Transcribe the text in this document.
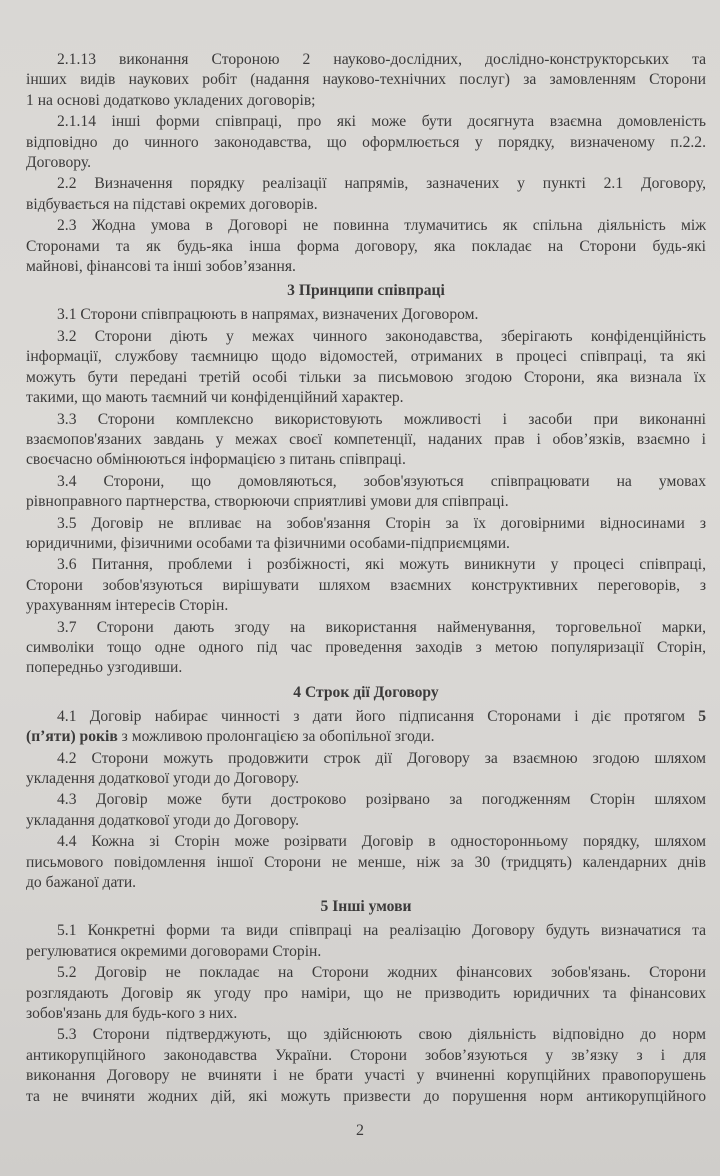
2.1.13 виконання Стороною 2 науково-дослідних, дослідно-конструкторських та
інших видів наукових робіт (надання науково-технічних послуг) за замовленням Сторони
1 на основі додатково укладених договорів;
2.1.14 інші форми співпраці, про які може бути досягнута взаємна домовленість
відповідно до чинного законодавства, що оформлюється у порядку, визначеному п.2.2.
Договору.
2.2 Визначення порядку реалізації напрямів, зазначених у пункті 2.1 Договору,
відбувається на підставі окремих договорів.
2.3 Жодна умова в Договорі не повинна тлумачитись як спільна діяльність між
Сторонами та як будь-яка інша форма договору, яка покладає на Сторони будь-які
майнові, фінансові та інші зобов’язання.
3 Принципи співпраці
3.1 Сторони співпрацюють в напрямах, визначених Договором.
3.2 Сторони діють у межах чинного законодавства, зберігають конфіденційність
інформації, службову таємницю щодо відомостей, отриманих в процесі співпраці, та які
можуть бути передані третій особі тільки за письмовою згодою Сторони, яка визнала їх
такими, що мають таємний чи конфіденційний характер.
3.3 Сторони комплексно використовують можливості і засоби при виконанні
взаємопов'язаних завдань у межах своєї компетенції, наданих прав і обов’язків, взаємно і
своєчасно обмінюються інформацією з питань співпраці.
3.4 Сторони, що домовляються, зобов'язуються співпрацювати на умовах
рівноправного партнерства, створюючи сприятливі умови для співпраці.
3.5 Договір не впливає на зобов'язання Сторін за їх договірними відносинами з
юридичними, фізичними особами та фізичними особами-підприємцями.
3.6 Питання, проблеми і розбіжності, які можуть виникнути у процесі співпраці,
Сторони зобов'язуються вирішувати шляхом взаємних конструктивних переговорів, з
урахуванням інтересів Сторін.
3.7 Сторони дають згоду на використання найменування, торговельної марки,
символіки тощо одне одного під час проведення заходів з метою популяризації Сторін,
попередньо узгодивши.
4 Строк дії Договору
4.1 Договір набирає чинності з дати його підписання Сторонами і діє протягом 5
(п’яти) років з можливою пролонгацією за обопільної згоди.
4.2 Сторони можуть продовжити строк дії Договору за взаємною згодою шляхом
укладення додаткової угоди до Договору.
4.3 Договір може бути достроково розірвано за погодженням Сторін шляхом
укладання додаткової угоди до Договору.
4.4 Кожна зі Сторін може розірвати Договір в односторонньому порядку, шляхом
письмового повідомлення іншої Сторони не менше, ніж за 30 (тридцять) календарних днів
до бажаної дати.
5 Інші умови
5.1 Конкретні форми та види співпраці на реалізацію Договору будуть визначатися та
регулюватися окремими договорами Сторін.
5.2 Договір не покладає на Сторони жодних фінансових зобов'язань. Сторони
розглядають Договір як угоду про наміри, що не призводить юридичних та фінансових
зобов'язань для будь-кого з них.
5.3 Сторони підтверджують, що здійснюють свою діяльність відповідно до норм
антикорупційного законодавства України. Сторони зобов’язуються у зв’язку з і для
виконання Договору не вчиняти і не брати участі у вчиненні корупційних правопорушень
та не вчиняти жодних дій, які можуть призвести до порушення норм антикорупційного
2
